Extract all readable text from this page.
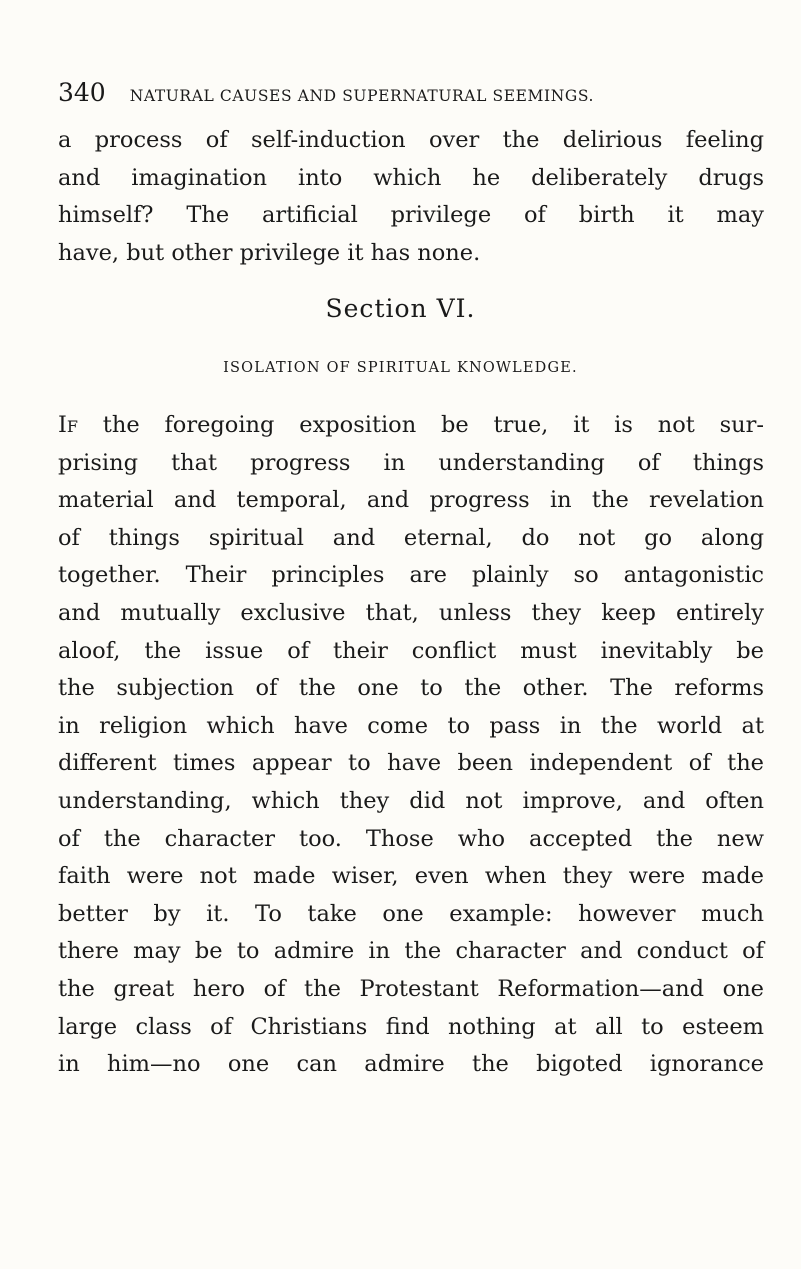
340 NATURAL CAUSES AND SUPERNATURAL SEEMINGS.
a process of self-induction over the delirious feeling
and imagination into which he deliberately drugs
himself? The artificial privilege of birth it may
have, but other privilege it has none.
Section VI.
ISOLATION OF SPIRITUAL KNOWLEDGE.
If the foregoing exposition be true, it is not sur-
prising that progress in understanding of things
material and temporal, and progress in the revelation
of things spiritual and eternal, do not go along
together. Their principles are plainly so antagonistic
and mutually exclusive that, unless they keep entirely
aloof, the issue of their conflict must inevitably be
the subjection of the one to the other. The reforms
in religion which have come to pass in the world at
different times appear to have been independent of the
understanding, which they did not improve, and often
of the character too. Those who accepted the new
faith were not made wiser, even when they were made
better by it. To take one example: however much
there may be to admire in the character and conduct of
the great hero of the Protestant Reformation—and one
large class of Christians find nothing at all to esteem
in him—no one can admire the bigoted ignorance
